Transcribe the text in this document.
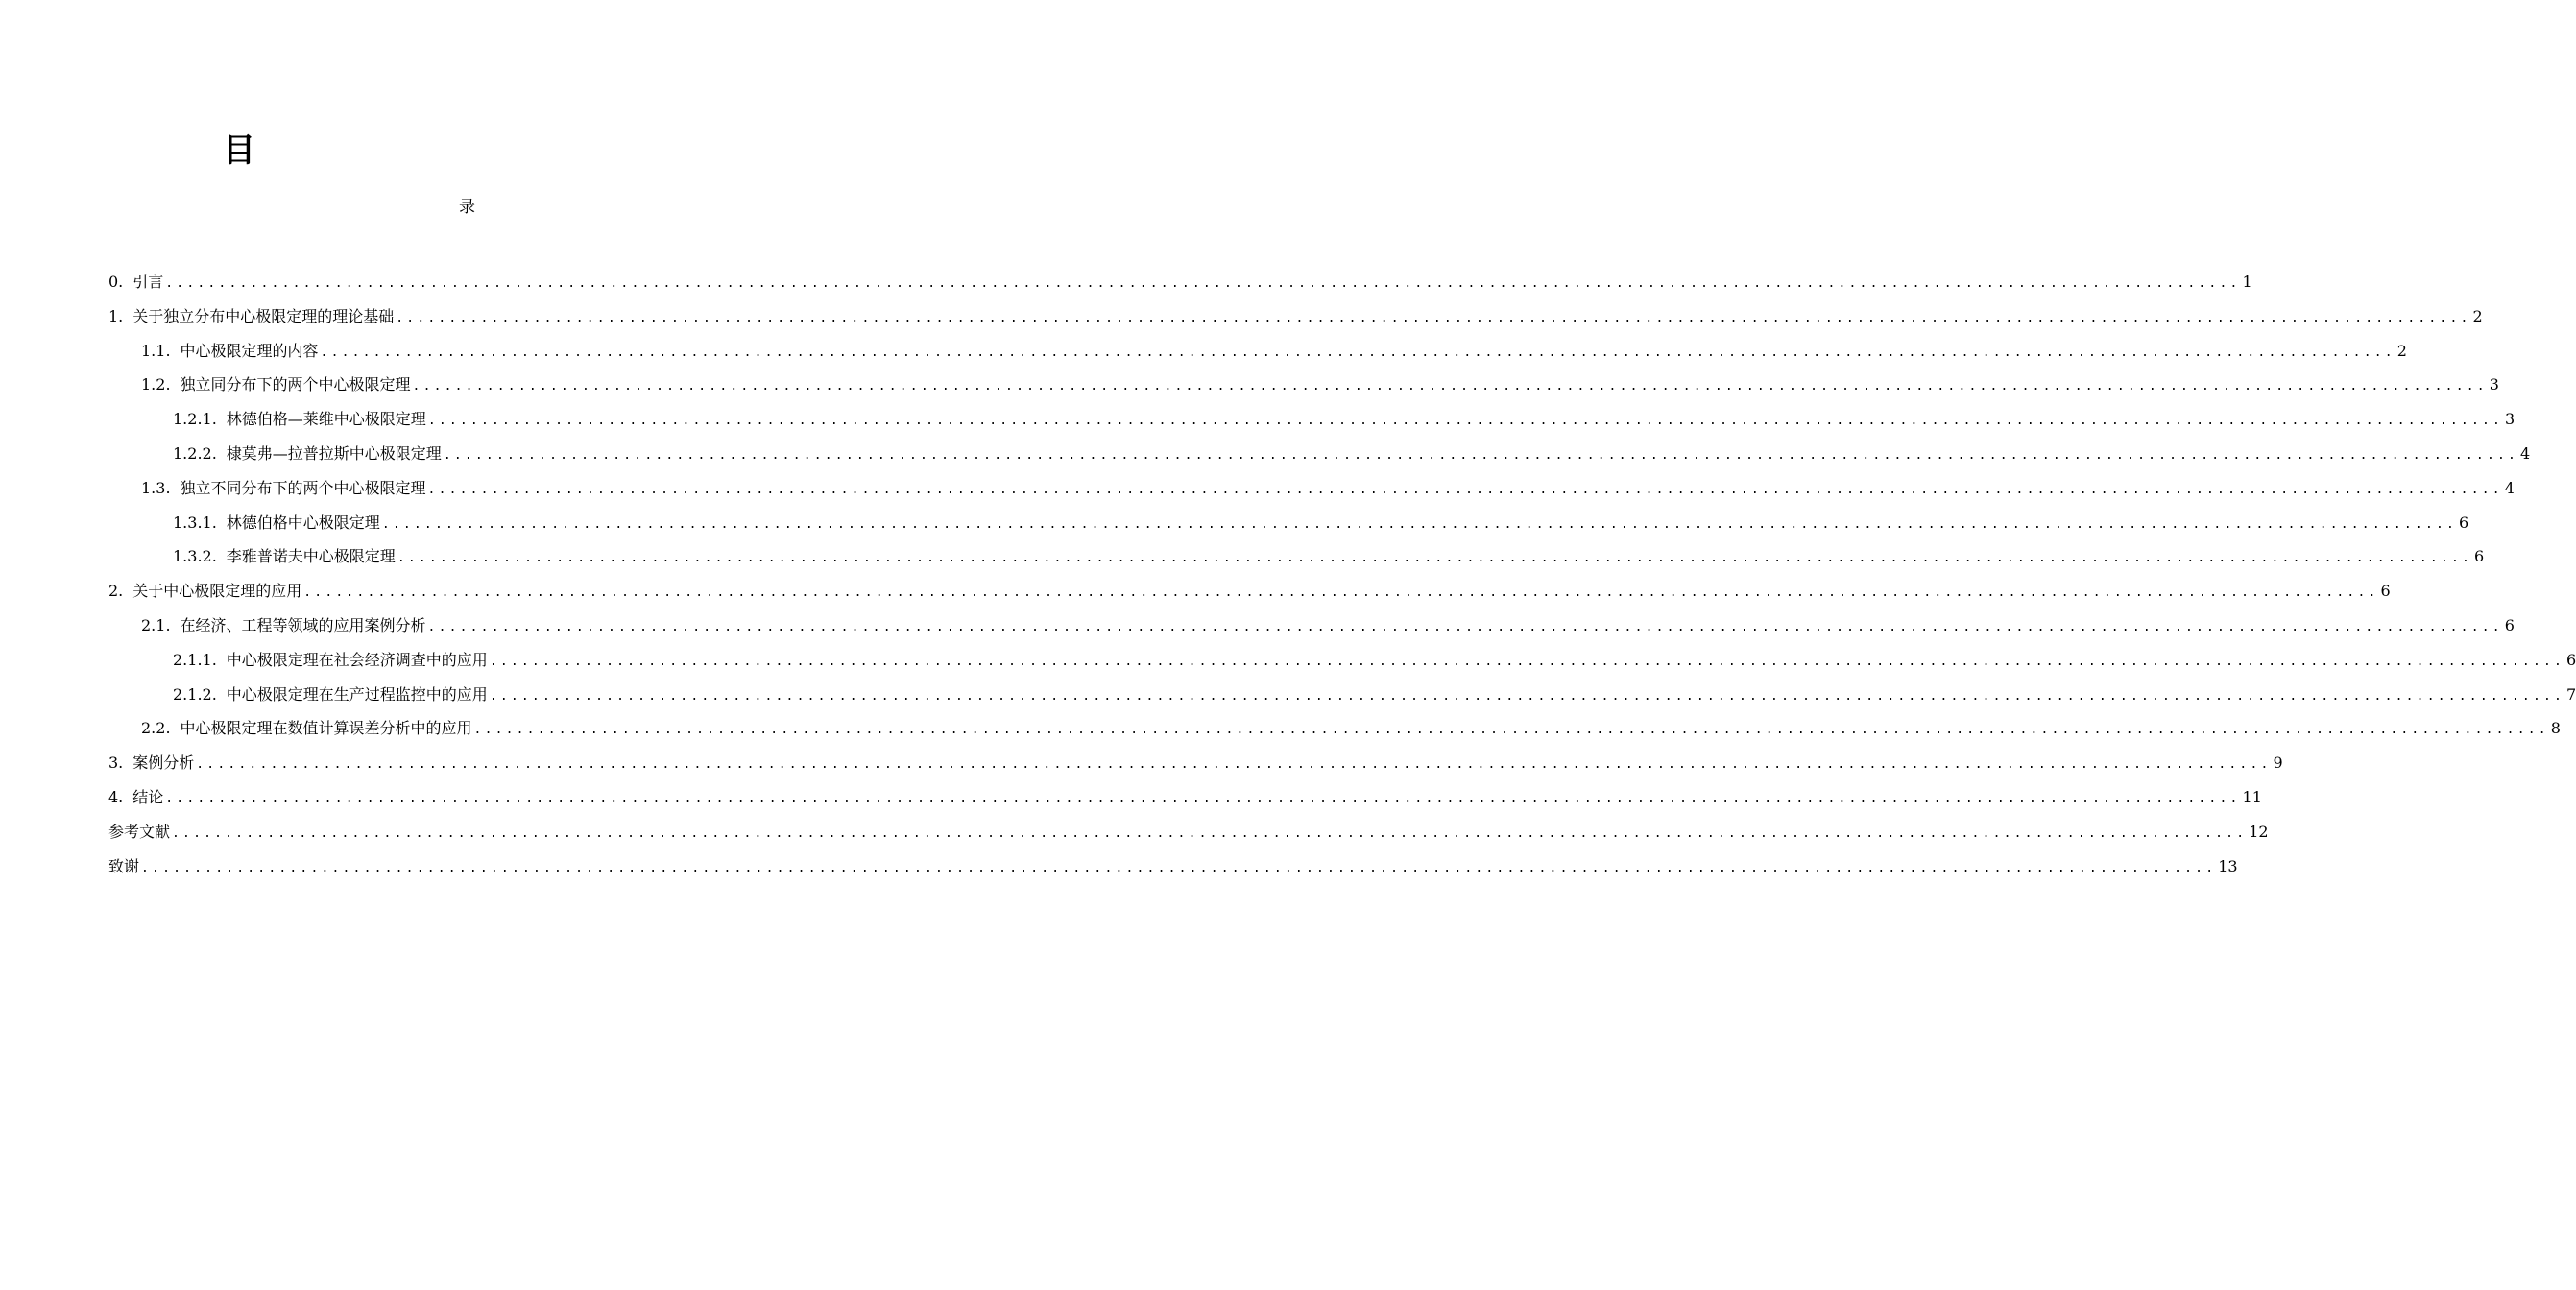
目
录
0. 引言 .....	1
1. 关于独立分布中心极限定理的理论基础 .....	2
1.1. 中心极限定理的内容 .....	2
1.2. 独立同分布下的两个中心极限定理 .....	3
1.2.1. 林德伯格—莱维中心极限定理 .....	3
1.2.2. 棣莫弗—拉普拉斯中心极限定理 .....	4
1.3. 独立不同分布下的两个中心极限定理 .....	4
1.3.1. 林德伯格中心极限定理 .....	6
1.3.2. 李雅普诺夫中心极限定理 .....	6
2. 关于中心极限定理的应用 .....	6
2.1. 在经济、工程等领域的应用案例分析 .....	6
2.1.1. 中心极限定理在社会经济调查中的应用 .....	6
2.1.2. 中心极限定理在生产过程监控中的应用 .....	7
2.2. 中心极限定理在数值计算误差分析中的应用 .....	8
3. 案例分析 .....	9
4. 结论 .....	11
参考文献 .....	12
致谢 .....	13
